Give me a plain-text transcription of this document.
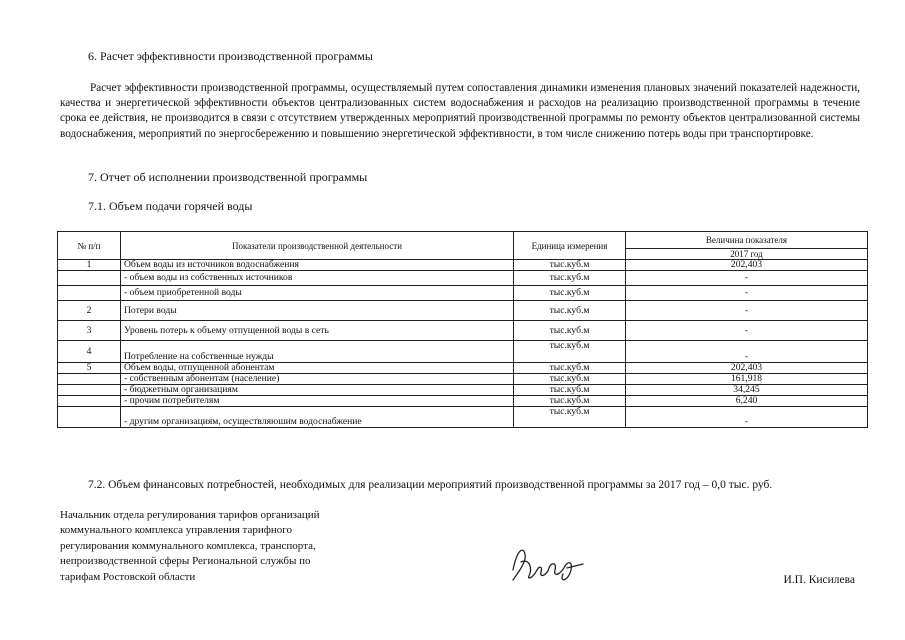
6. Расчет эффективности производственной программы
Расчет эффективности производственной программы, осуществляемый путем сопоставления динамики изменения плановых значений показателей надежности, качества и энергетической эффективности объектов централизованных систем водоснабжения и расходов на реализацию производственной программы в течение срока ее действия, не производится в связи с отсутствием утвержденных мероприятий производственной программы по ремонту объектов централизованной системы водоснабжения, мероприятий по энергосбережению и повышению энергетической эффективности, в том числе снижению потерь воды при транспортировке.
7. Отчет об исполнении производственной программы
7.1. Объем подачи горячей воды
№ п/п	Показатели производственной деятельности	Единица измерения	Величина показателя
			2017 год
1	Объем воды из источников водоснабжения	тыс.куб.м	202,403
	- объем воды из собственных источников	тыс.куб.м	-
	- объем приобретенной воды	тыс.куб.м	-
2	Потери воды	тыс.куб.м	-
3	Уровень потерь к объему отпущенной воды в сеть	тыс.куб.м	-
4	Потребление на собственные нужды	тыс.куб.м	-
5	Объем воды, отпущенной абонентам	тыс.куб.м	202,403
	- собственным абонентам (население)	тыс.куб.м	161,918
	- бюджетным организациям	тыс.куб.м	34,245
	- прочим потребителям	тыс.куб.м	6,240
	- другим организациям, осуществляюшим водоснабжение	тыс.куб.м	-
7.2. Объем финансовых потребностей, необходимых для реализации мероприятий производственной программы за 2017 год – 0,0 тыс. руб.
Начальник отдела регулирования тарифов организаций
коммунального комплекса управления тарифного
регулирования коммунального комплекса, транспорта,
непроизводственной сферы Региональной службы по
тарифам Ростовской области	И.П. Кисилева
